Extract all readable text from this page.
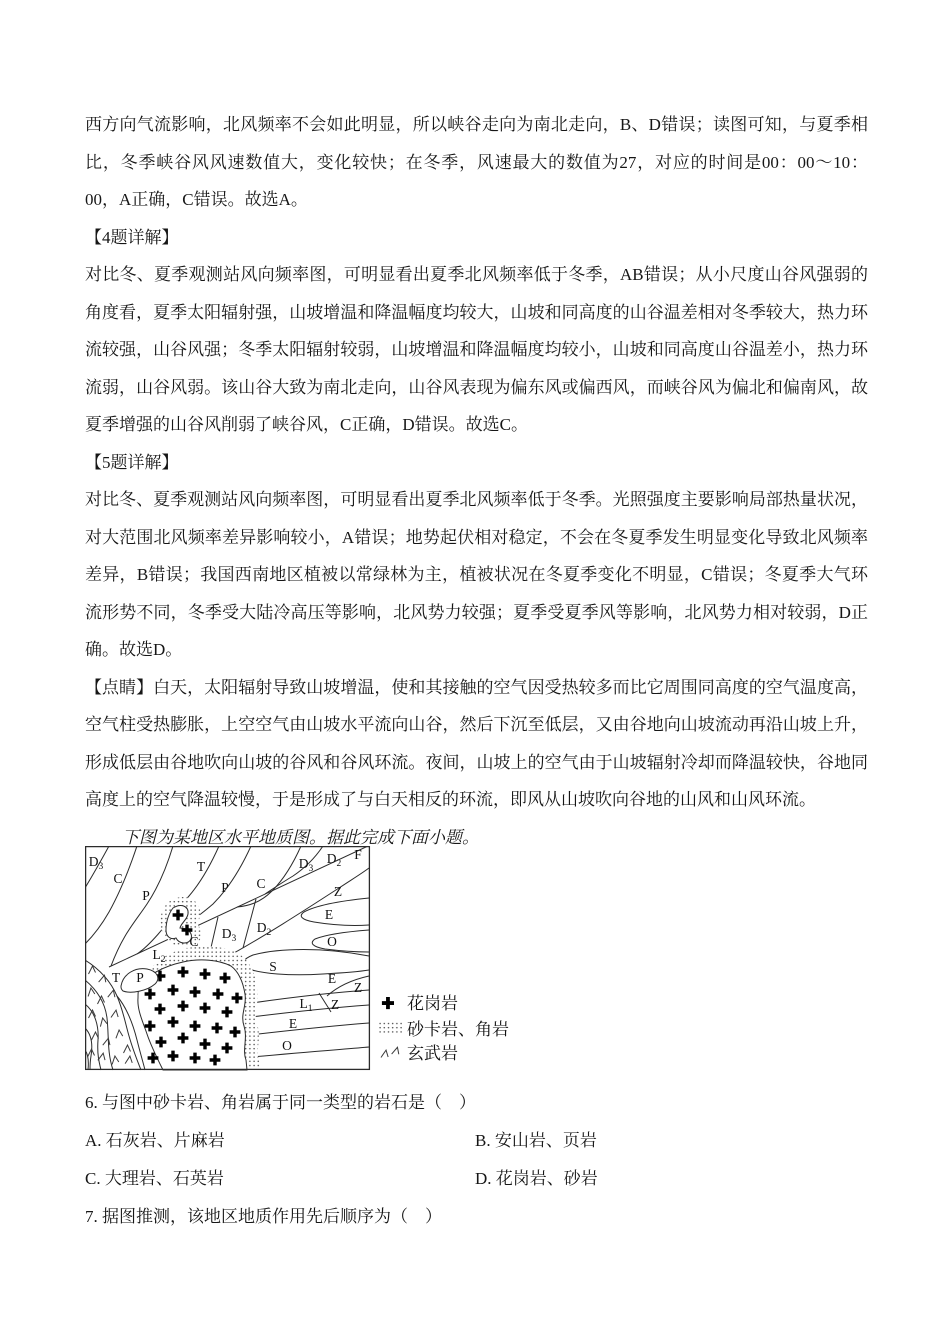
西方向气流影响，北风频率不会如此明显，所以峡谷走向为南北走向，B、D错误；读图可知，与夏季相
比，冬季峡谷风风速数值大，变化较快；在冬季，风速最大的数值为27，对应的时间是00：00～10：
00，A正确，C错误。故选A。
【4题详解】
对比冬、夏季观测站风向频率图，可明显看出夏季北风频率低于冬季，AB错误；从小尺度山谷风强弱的
角度看，夏季太阳辐射强，山坡增温和降温幅度均较大，山坡和同高度的山谷温差相对冬季较大，热力环
流较强，山谷风强；冬季太阳辐射较弱，山坡增温和降温幅度均较小，山坡和同高度山谷温差小，热力环
流弱，山谷风弱。该山谷大致为南北走向，山谷风表现为偏东风或偏西风，而峡谷风为偏北和偏南风，故
夏季增强的山谷风削弱了峡谷风，C正确，D错误。故选C。
【5题详解】
对比冬、夏季观测站风向频率图，可明显看出夏季北风频率低于冬季。光照强度主要影响局部热量状况，
对大范围北风频率差异影响较小，A错误；地势起伏相对稳定，不会在冬夏季发生明显变化导致北风频率
差异，B错误；我国西南地区植被以常绿林为主，植被状况在冬夏季变化不明显，C错误；冬夏季大气环
流形势不同，冬季受大陆冷高压等影响，北风势力较强；夏季受夏季风等影响，北风势力相对较弱，D正
确。故选D。
【点睛】白天，太阳辐射导致山坡增温，使和其接触的空气因受热较多而比它周围同高度的空气温度高，
空气柱受热膨胀，上空空气由山坡水平流向山谷，然后下沉至低层，又由谷地向山坡流动再沿山坡上升，
形成低层由谷地吹向山坡的谷风和谷风环流。夜间，山坡上的空气由于山坡辐射冷却而降温较快，谷地同
高度上的空气降温较慢，于是形成了与白天相反的环流，即风从山坡吹向谷地的山风和山风环流。
下图为某地区水平地质图。据此完成下面小题。
$D_3$
C
P
T
P C
$D_3$
$D_2$
F
Z
E
O
C
$D_3$
$D_2$
$L_2$
T P
S
E
Z
$L_1$ Z
E
O
花岗岩
砂卡岩、角岩
玄武岩
6. 与图中砂卡岩、角岩属于同一类型的岩石是（　）
A. 石灰岩、片麻岩	B. 安山岩、页岩
C. 大理岩、石英岩	D. 花岗岩、砂岩
7. 据图推测，该地区地质作用先后顺序为（　）
